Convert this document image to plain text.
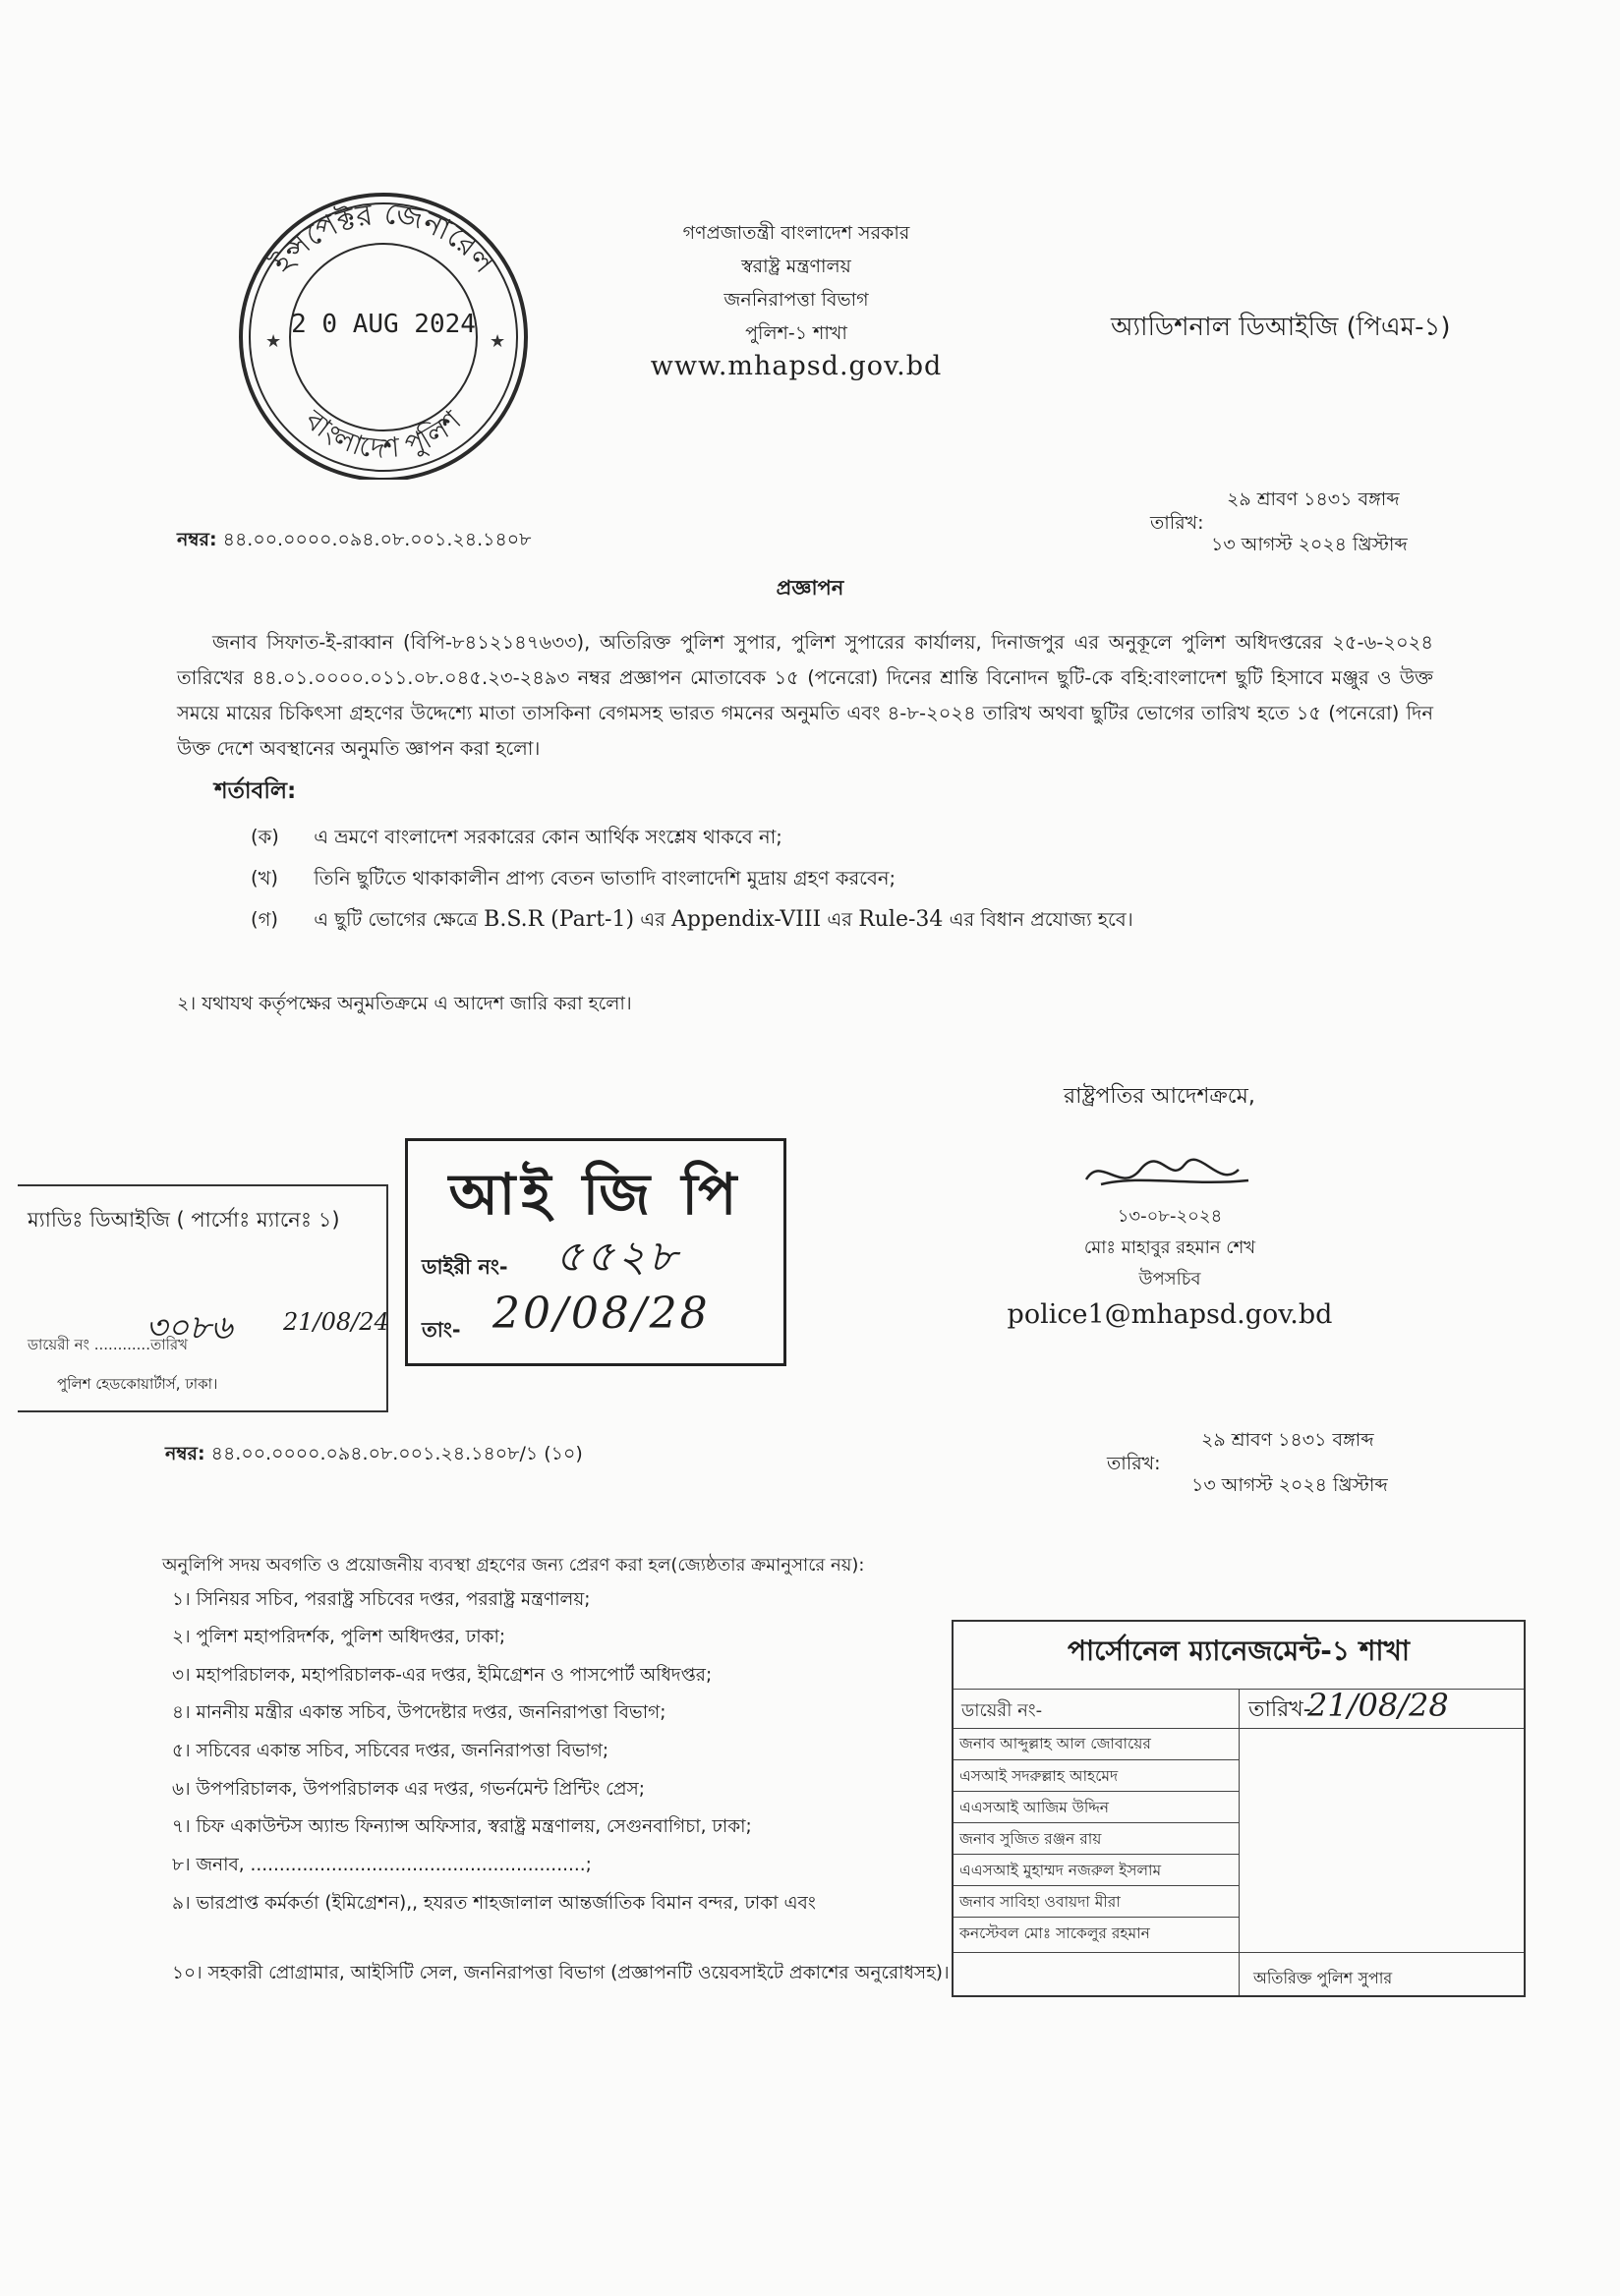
ইন্সপেক্টর জেনারেল
বাংলাদেশ পুলিশ
2 0 AUG 2024
★	★
গণপ্রজাতন্ত্রী বাংলাদেশ সরকার
স্বরাষ্ট্র মন্ত্রণালয়
জননিরাপত্তা বিভাগ
পুলিশ-১ শাখা
www.mhapsd.gov.bd
অ্যাডিশনাল ডিআইজি (পিএম-১)
নম্বর: ৪৪.০০.০০০০.০৯৪.০৮.০০১.২৪.১৪০৮
তারিখ:
২৯ শ্রাবণ ১৪৩১ বঙ্গাব্দ
১৩ আগস্ট ২০২৪ খ্রিস্টাব্দ
প্রজ্ঞাপন
জনাব সিফাত-ই-রাব্বান (বিপি-৮৪১২১৪৭৬৩৩), অতিরিক্ত পুলিশ সুপার, পুলিশ সুপারের কার্যালয়, দিনাজপুর এর অনুকূলে পুলিশ অধিদপ্তরের ২৫-৬-২০২৪ তারিখের ৪৪.০১.০০০০.০১১.০৮.০৪৫.২৩-২৪৯৩ নম্বর প্রজ্ঞাপন মোতাবেক ১৫ (পনেরো) দিনের শ্রান্তি বিনোদন ছুটি-কে বহি:বাংলাদেশ ছুটি হিসাবে মঞ্জুর ও উক্ত সময়ে মায়ের চিকিৎসা গ্রহণের উদ্দেশ্যে মাতা তাসকিনা বেগমসহ ভারত গমনের অনুমতি এবং ৪-৮-২০২৪ তারিখ অথবা ছুটির ভোগের তারিখ হতে ১৫ (পনেরো) দিন উক্ত দেশে অবস্থানের অনুমতি জ্ঞাপন করা হলো।
শর্তাবলি:
(ক) এ ভ্রমণে বাংলাদেশ সরকারের কোন আর্থিক সংশ্লেষ থাকবে না;
(খ) তিনি ছুটিতে থাকাকালীন প্রাপ্য বেতন ভাতাদি বাংলাদেশি মুদ্রায় গ্রহণ করবেন;
(গ) এ ছুটি ভোগের ক্ষেত্রে B.S.R (Part-1) এর Appendix-VIII এর Rule-34 এর বিধান প্রযোজ্য হবে।
২। যথাযথ কর্তৃপক্ষের অনুমতিক্রমে এ আদেশ জারি করা হলো।
রাষ্ট্রপতির আদেশক্রমে,
১৩-০৮-২০২৪
মোঃ মাহাবুর রহমান শেখ
উপসচিব
police1@mhapsd.gov.bd
ম্যাডিঃ ডিআইজি ( পার্সোঃ ম্যানেঃ ১)
৩০৮৬ 21/08/24
ডায়েরী নং ............তারিখ
পুলিশ হেডকোয়ার্টার্স, ঢাকা।
আই জি পি
ডাইরী নং- ৫৫২৮
তাং- 20/08/28
নম্বর: ৪৪.০০.০০০০.০৯৪.০৮.০০১.২৪.১৪০৮/১ (১০)	তারিখ:
২৯ শ্রাবণ ১৪৩১ বঙ্গাব্দ
১৩ আগস্ট ২০২৪ খ্রিস্টাব্দ
অনুলিপি সদয় অবগতি ও প্রয়োজনীয় ব্যবস্থা গ্রহণের জন্য প্রেরণ করা হল(জ্যেষ্ঠতার ক্রমানুসারে নয়):
১। সিনিয়র সচিব, পররাষ্ট্র সচিবের দপ্তর, পররাষ্ট্র মন্ত্রণালয়;
২। পুলিশ মহাপরিদর্শক, পুলিশ অধিদপ্তর, ঢাকা;
৩। মহাপরিচালক, মহাপরিচালক-এর দপ্তর, ইমিগ্রেশন ও পাসপোর্ট অধিদপ্তর;
৪। মাননীয় মন্ত্রীর একান্ত সচিব, উপদেষ্টার দপ্তর, জননিরাপত্তা বিভাগ;
৫। সচিবের একান্ত সচিব, সচিবের দপ্তর, জননিরাপত্তা বিভাগ;
৬। উপপরিচালক, উপপরিচালক এর দপ্তর, গভর্নমেন্ট প্রিন্টিং প্রেস;
৭। চিফ একাউন্টস অ্যান্ড ফিন্যান্স অফিসার, স্বরাষ্ট্র মন্ত্রণালয়, সেগুনবাগিচা, ঢাকা;
৮। জনাব, ..........................................................;
৯। ভারপ্রাপ্ত কর্মকর্তা (ইমিগ্রেশন),, হযরত শাহজালাল আন্তর্জাতিক বিমান বন্দর, ঢাকা এবং
১০। সহকারী প্রোগ্রামার, আইসিটি সেল, জননিরাপত্তা বিভাগ (প্রজ্ঞাপনটি ওয়েবসাইটে প্রকাশের অনুরোধসহ)।
পার্সোনেল ম্যানেজমেন্ট-১ শাখা
ডায়েরী নং-	তারিখ-
21/08/28
জনাব আব্দুল্লাহ আল জোবায়ের
এসআই সদরুল্লাহ আহমেদ
এএসআই আজিম উদ্দিন
জনাব সুজিত রঞ্জন রায়
এএসআই মুহাম্মদ নজরুল ইসলাম
জনাব সাবিহা ওবায়দা মীরা
কনস্টেবল মোঃ সাকেলুর রহমান
অতিরিক্ত পুলিশ সুপার
